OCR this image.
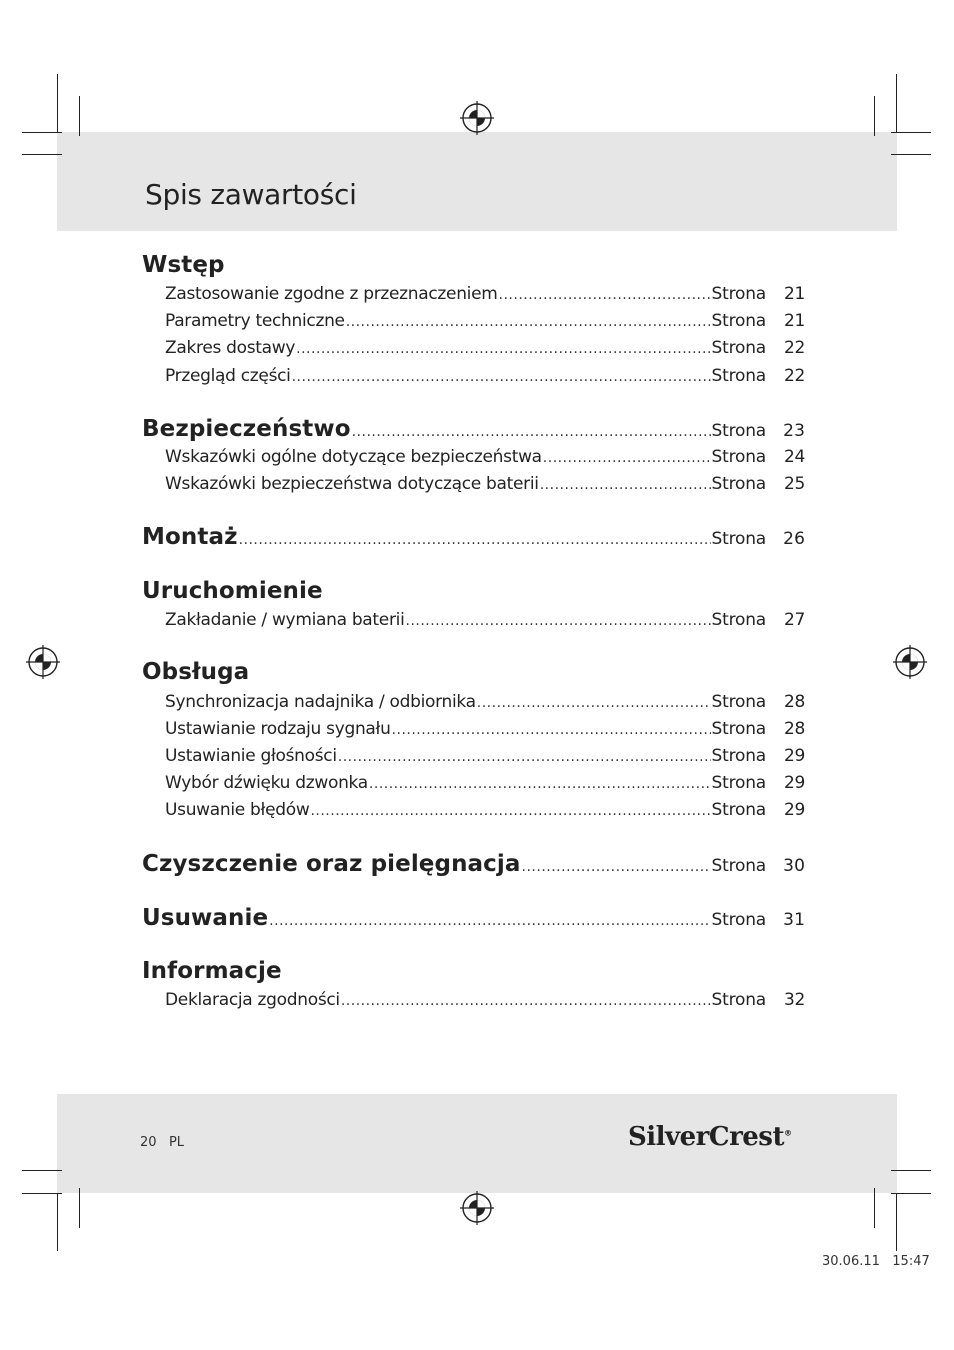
Spis zawartości
Wstęp
Zastosowanie zgodne z przeznaczeniem .....	Strona	21
Parametry techniczne .....	Strona	21
Zakres dostawy .....	Strona	22
Przegląd części .....	Strona	22
Bezpieczeństwo .....	Strona	23
Wskazówki ogólne dotyczące bezpieczeństwa .....	Strona	24
Wskazówki bezpieczeństwa dotyczące baterii .....	Strona	25
Montaż .....	Strona	26
Uruchomienie
Zakładanie / wymiana baterii .....	Strona	27
Obsługa
Synchronizacja nadajnika / odbiornika .....	Strona	28
Ustawianie rodzaju sygnału .....	Strona	28
Ustawianie głośności .....	Strona	29
Wybór dźwięku dzwonka .....	Strona	29
Usuwanie błędów .....	Strona	29
Czyszczenie oraz pielęgnacja .....	Strona	30
Usuwanie .....	Strona	31
Informacje
Deklaracja zgodności .....	Strona	32
20 PL	SilverCrest®
30.06.11   15:47
